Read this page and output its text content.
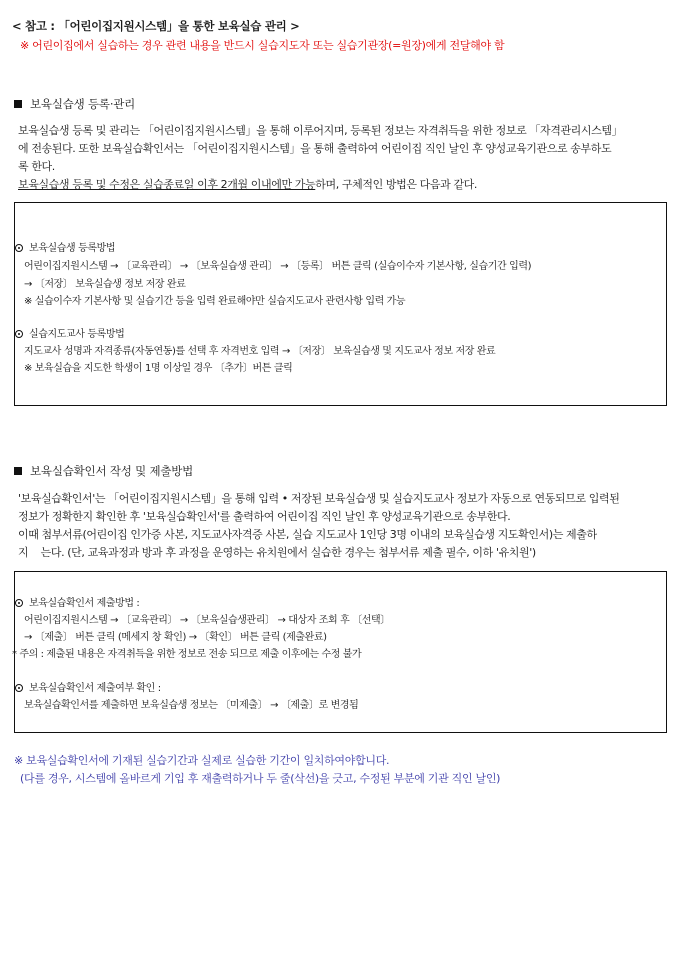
< 참고 : 「어린이집지원시스템」을 통한 보육실습 관리 >
※ 어린이집에서 실습하는 경우 관련 내용을 반드시 실습지도자 또는 실습기관장(=원장)에게 전달해야 함
보육실습생 등록·관리

보육실습생 등록 및 관리는 「어린이집지원시스템」을 통해 이루어지며, 등록된 정보는 자격취득을 위한 정보로 「자격관리시스템」

에 전송된다. 또한 보육실습확인서는 「어린이집지원시스템」을 통해 출력하여 어린이집 직인 날인 후 양성교육기관으로 송부하도

록 한다.

보육실습생 등록 및 수정은 실습종료일 이후 2개월 이내에만 가능하며, 구체적인 방법은 다음과 같다.

보육실습생 등록방법
어린이집지원시스템 → 〔교육관리〕 → 〔보육실습생 관리〕 → 〔등록〕 버튼 클릭 (실습이수자 기본사항, 실습기간 입력)
→ 〔저장〕 보육실습생 정보 저장 완료
※ 실습이수자 기본사항 및 실습기간 등을 입력 완료해야만 실습지도교사 관련사항 입력 가능
실습지도교사 등록방법
지도교사 성명과 자격종류(자동연동)를 선택 후 자격번호 입력 → 〔저장〕 보육실습생 및 지도교사 정보 저장 완료
※ 보육실습을 지도한 학생이 1명 이상일 경우 〔추가〕버튼 클릭
보육실습확인서 작성 및 제출방법

'보육실습확인서'는 「어린이집지원시스템」을 통해 입력 • 저장된 보육실습생 및 실습지도교사 정보가 자동으로 연동되므로 입력된

정보가 정확한지 확인한 후 '보육실습확인서'를 출력하여 어린이집 직인 날인 후 양성교육기관으로 송부한다.

이때 첨부서류(어린이집 인가증 사본, 지도교사자격증 사본, 실습 지도교사 1인당 3명 이내의 보육실습생 지도확인서)는 제출하

지    는다. (단, 교육과정과 방과 후 과정을 운영하는 유치원에서 실습한 경우는 첨부서류 제출 필수, 이하 '유치원')

보육실습확인서 제출방법 :
어린이집지원시스템 → 〔교육관리〕 → 〔보육실습생관리〕 → 대상자 조회 후 〔선택〕
→ 〔제출〕 버튼 클릭 (메세지 창 확인) → 〔확인〕 버튼 클릭 (제출완료)
* 주의 : 제출된 내용은 자격취득을 위한 정보로 전송 되므로 제출 이후에는 수정 불가
보육실습확인서 제출여부 확인 :
보육실습확인서를 제출하면 보육실습생 정보는 〔미제출〕 → 〔제출〕로 변경됨
※ 보육실습확인서에 기재된 실습기간과 실제로 실습한 기간이 일치하여야합니다.
(다를 경우, 시스템에 올바르게 기입 후 재출력하거나 두 줄(삭선)을 긋고, 수정된 부분에 기관 직인 날인)
